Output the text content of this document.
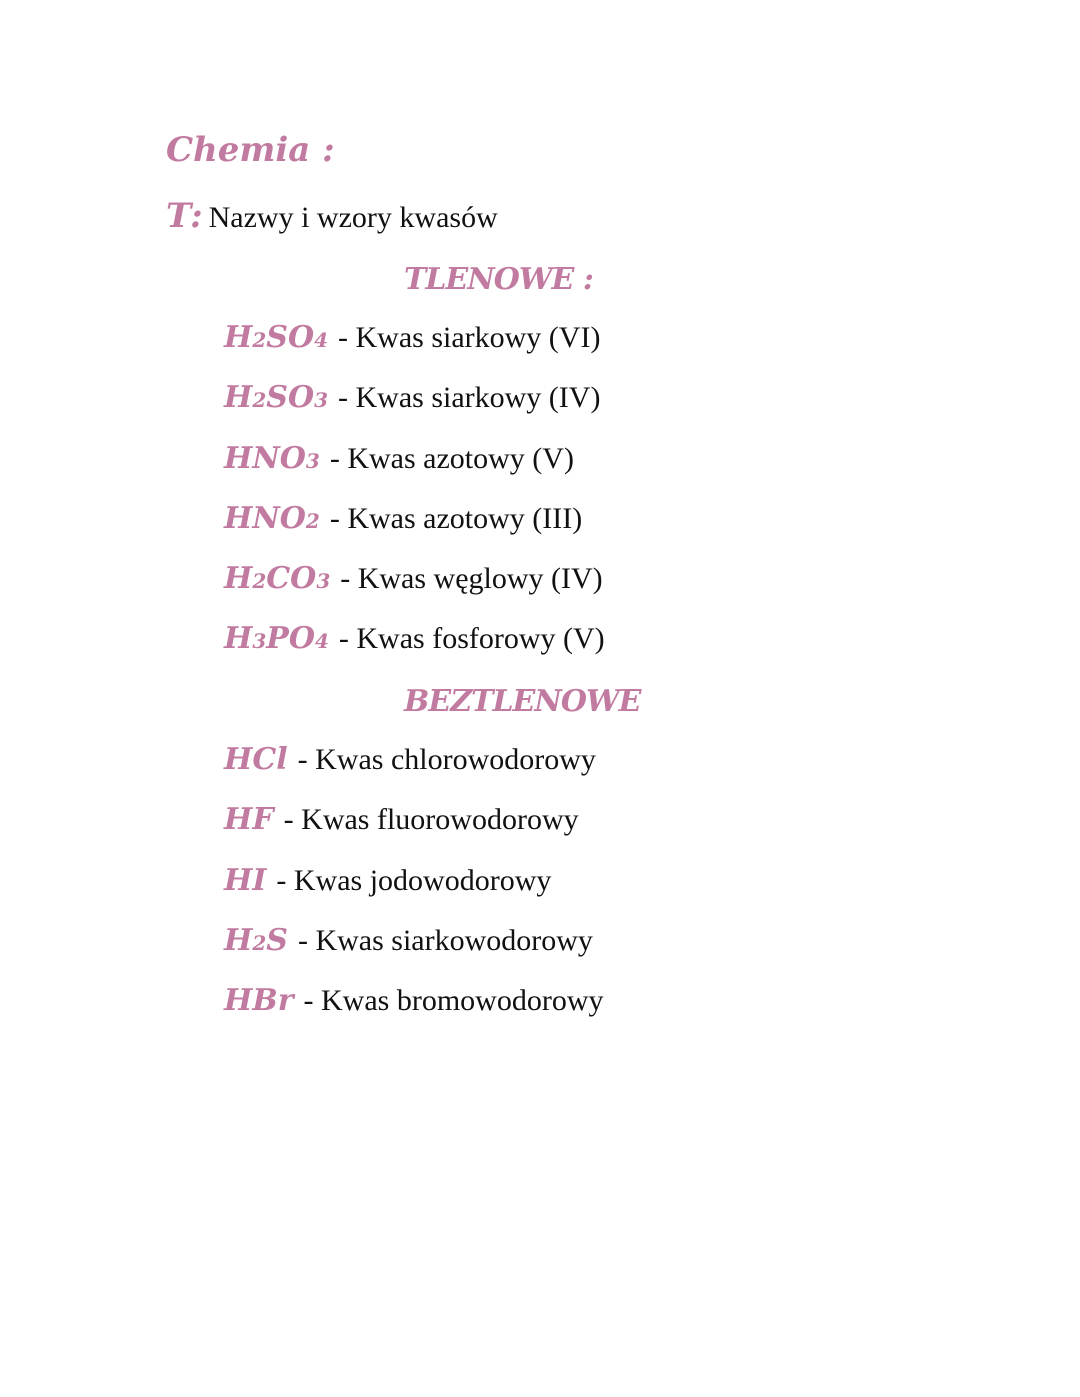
Chemia :
T: Nazwy i wzory kwasów
TLENOWE :
H2SO4 - Kwas siarkowy (VI)
H2SO3 - Kwas siarkowy (IV)
HNO3 - Kwas azotowy (V)
HNO2 - Kwas azotowy (III)
H2CO3 - Kwas węglowy (IV)
H3PO4 - Kwas fosforowy (V)
BEZTLENOWE
HCl - Kwas chlorowodorowy
HF - Kwas fluorowodorowy
HI - Kwas jodowodorowy
H2S - Kwas siarkowodorowy
HBr - Kwas bromowodorowy
